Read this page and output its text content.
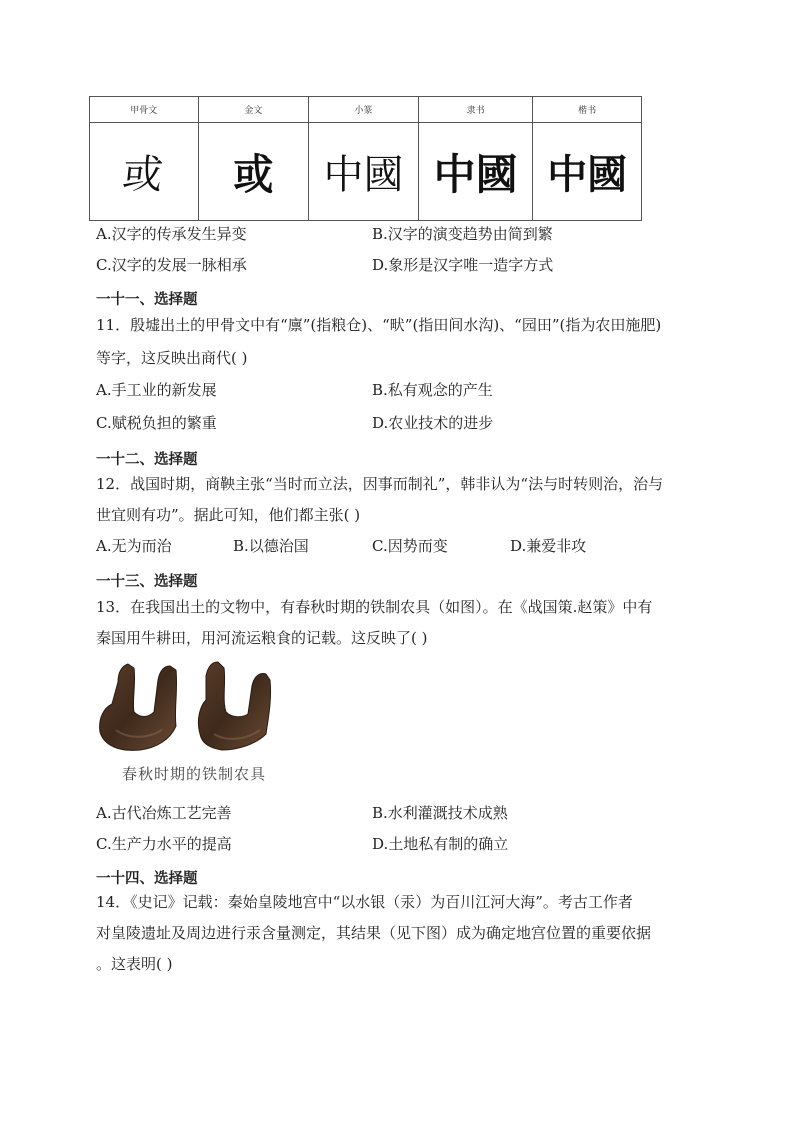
甲骨文	金文	小篆	隶书	楷书
或	或	中國	中國	中國
A.汉字的传承发生异变	B.汉字的演变趋势由简到繁
C.汉字的发展一脉相承	D.象形是汉字唯一造字方式
一十一、选择题
11．殷墟出土的甲骨文中有“廪”(指粮仓)、“畎”(指田间水沟)、“园田”(指为农田施肥)
等字，这反映出商代( )
A.手工业的新发展	B.私有观念的产生
C.赋税负担的繁重	D.农业技术的进步
一十二、选择题
12．战国时期，商鞅主张“当时而立法，因事而制礼”，韩非认为“法与时转则治，治与
世宜则有功”。据此可知，他们都主张( )
A.无为而治	B.以德治国	C.因势而变	D.兼爱非攻
一十三、选择题
13．在我国出土的文物中，有春秋时期的铁制农具（如图）。在《战国策.赵策》中有
秦国用牛耕田，用河流运粮食的记载。这反映了( )
春秋时期的铁制农具
A.古代冶炼工艺完善	B.水利灌溉技术成熟
C.生产力水平的提高	D.土地私有制的确立
一十四、选择题
14．《史记》记载：秦始皇陵地宫中“以水银（汞）为百川江河大海”。考古工作者
对皇陵遗址及周边进行汞含量测定，其结果（见下图）成为确定地宫位置的重要依据
。这表明( )
